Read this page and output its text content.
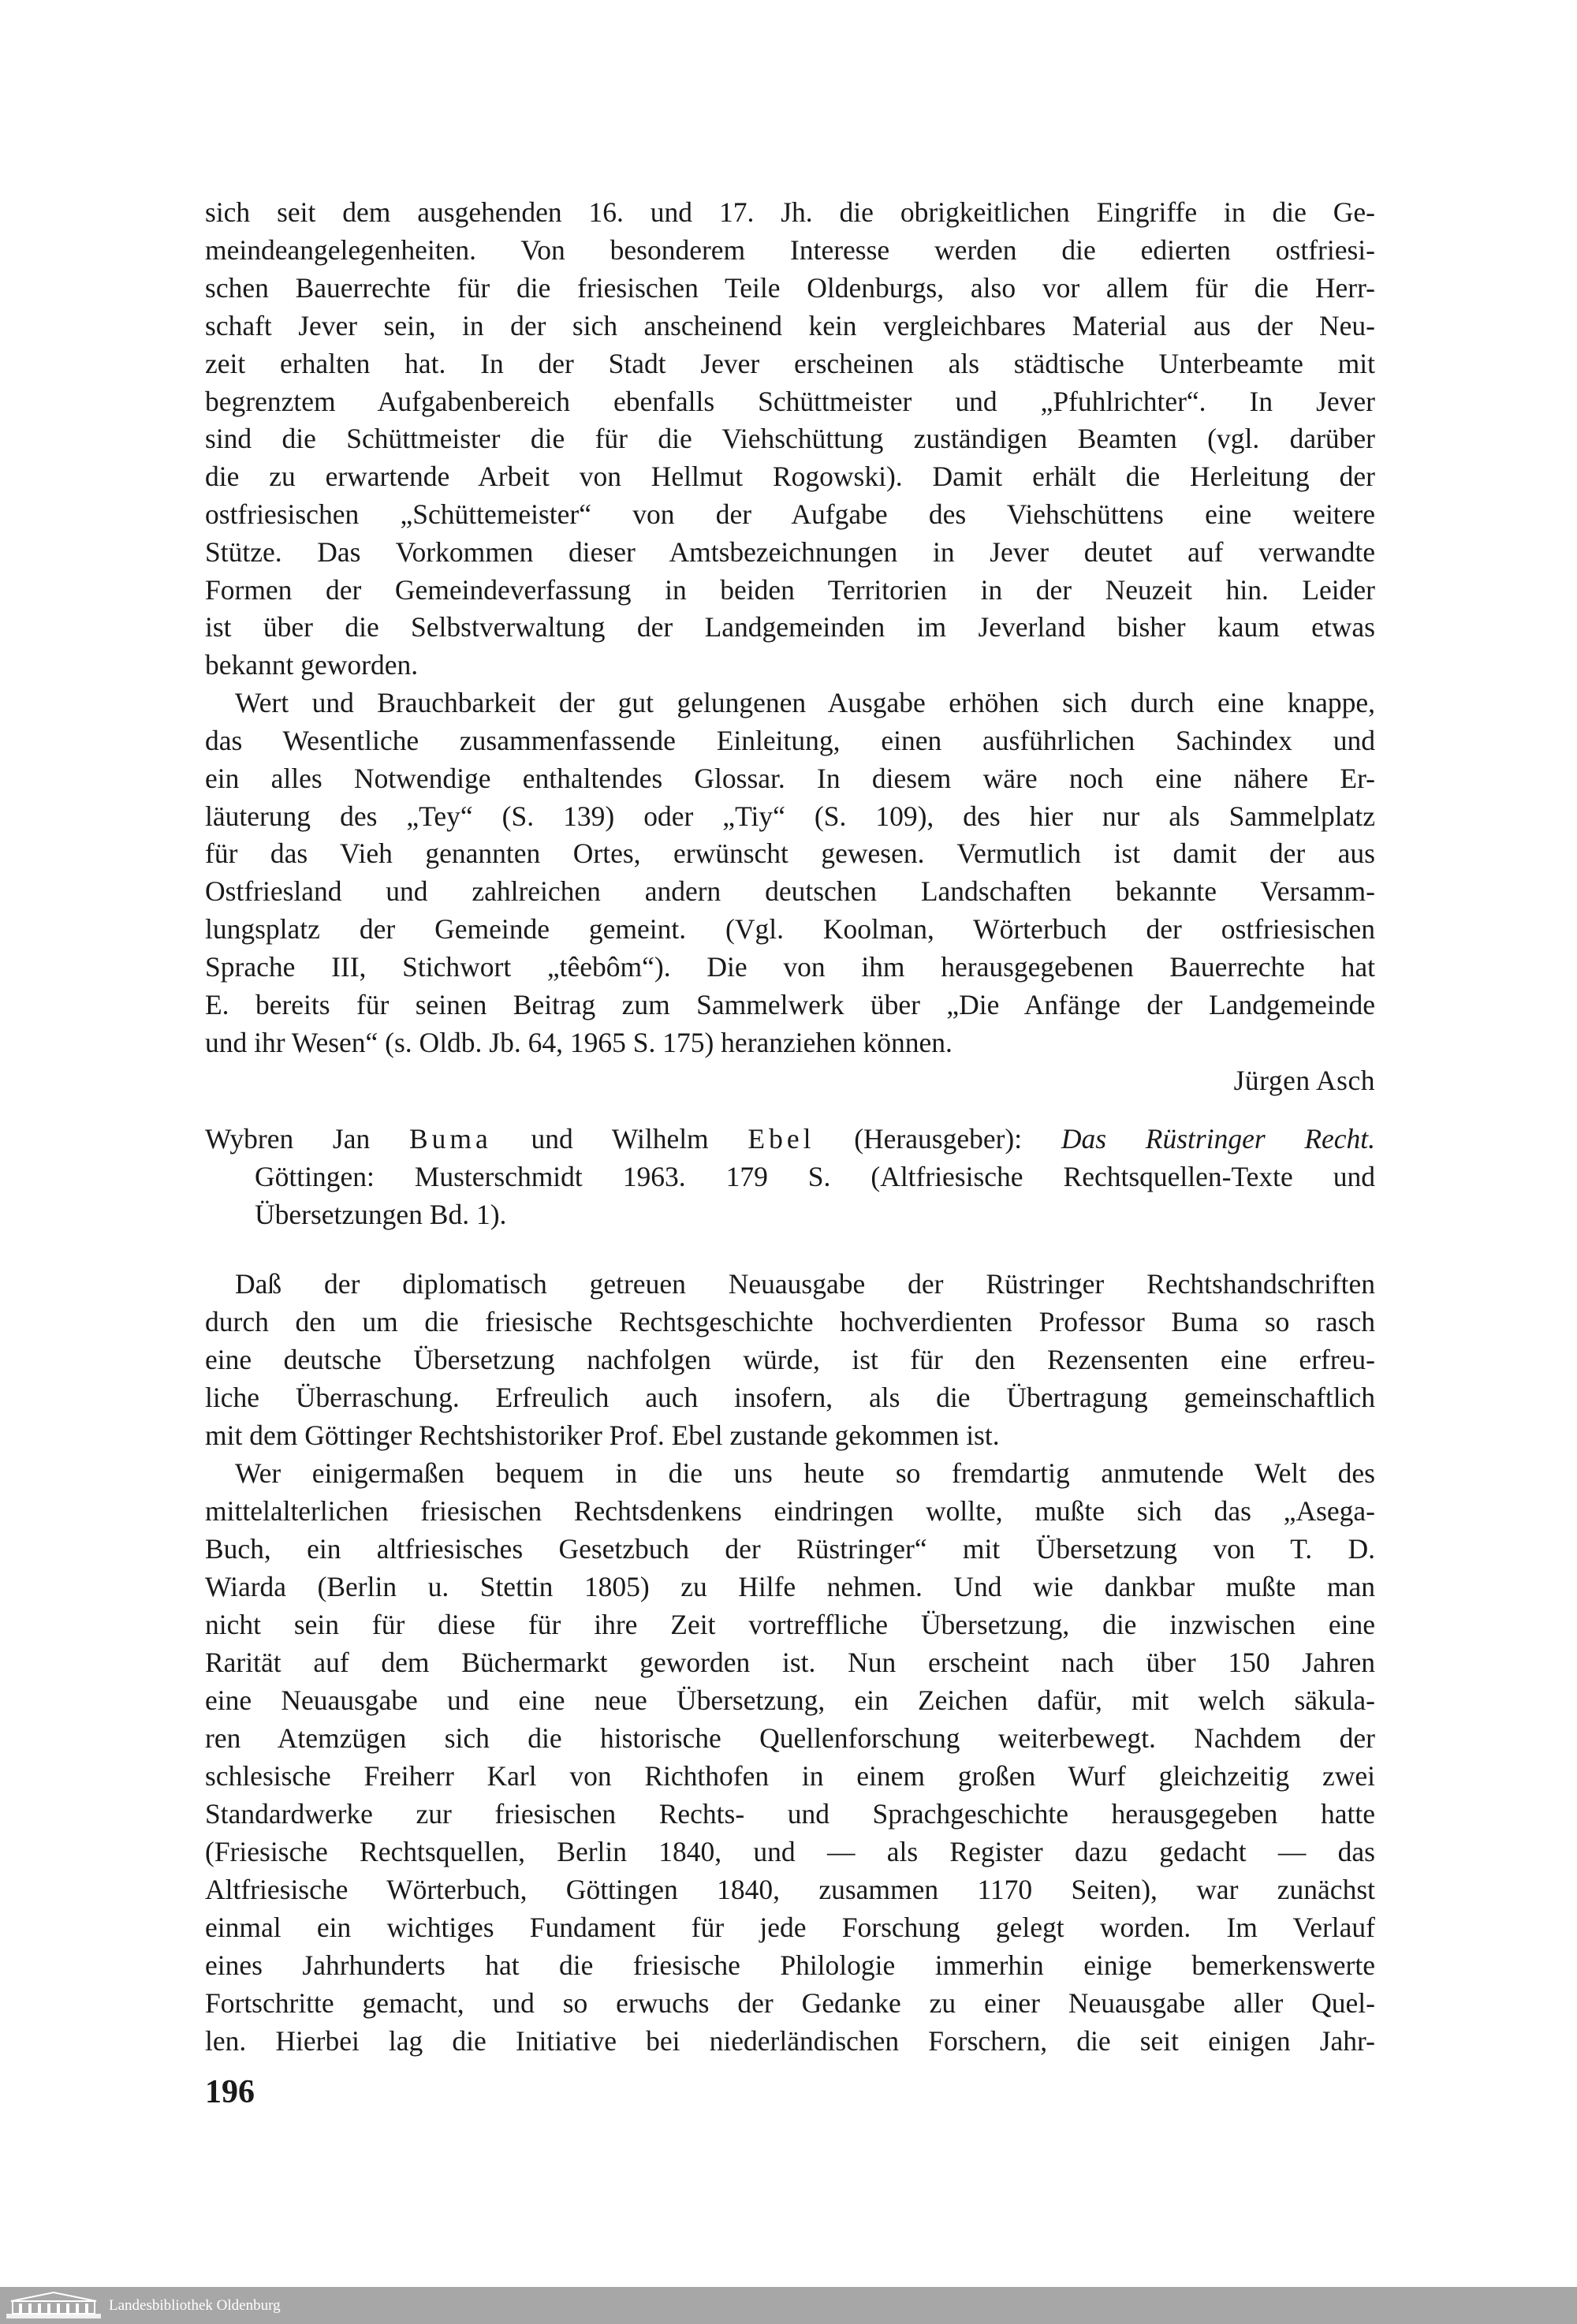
sich seit dem ausgehenden 16. und 17. Jh. die obrigkeitlichen Eingriffe in die Ge-
meindeangelegenheiten. Von besonderem Interesse werden die edierten ostfriesi-
schen Bauerrechte für die friesischen Teile Oldenburgs, also vor allem für die Herr-
schaft Jever sein, in der sich anscheinend kein vergleichbares Material aus der Neu-
zeit erhalten hat. In der Stadt Jever erscheinen als städtische Unterbeamte mit
begrenztem Aufgabenbereich ebenfalls Schüttmeister und „Pfuhlrichter“. In Jever
sind die Schüttmeister die für die Viehschüttung zuständigen Beamten (vgl. darüber
die zu erwartende Arbeit von Hellmut Rogowski). Damit erhält die Herleitung der
ostfriesischen „Schüttemeister“ von der Aufgabe des Viehschüttens eine weitere
Stütze. Das Vorkommen dieser Amtsbezeichnungen in Jever deutet auf verwandte
Formen der Gemeindeverfassung in beiden Territorien in der Neuzeit hin. Leider
ist über die Selbstverwaltung der Landgemeinden im Jeverland bisher kaum etwas
bekannt geworden.
Wert und Brauchbarkeit der gut gelungenen Ausgabe erhöhen sich durch eine knappe,
das Wesentliche zusammenfassende Einleitung, einen ausführlichen Sachindex und
ein alles Notwendige enthaltendes Glossar. In diesem wäre noch eine nähere Er-
läuterung des „Tey“ (S. 139) oder „Tiy“ (S. 109), des hier nur als Sammelplatz
für das Vieh genannten Ortes, erwünscht gewesen. Vermutlich ist damit der aus
Ostfriesland und zahlreichen andern deutschen Landschaften bekannte Versamm-
lungsplatz der Gemeinde gemeint. (Vgl. Koolman, Wörterbuch der ostfriesischen
Sprache III, Stichwort „têebôm“). Die von ihm herausgegebenen Bauerrechte hat
E. bereits für seinen Beitrag zum Sammelwerk über „Die Anfänge der Landgemeinde
und ihr Wesen“ (s. Oldb. Jb. 64, 1965 S. 175) heranziehen können.
Jürgen Asch
Wybren Jan Buma und Wilhelm Ebel (Herausgeber): Das Rüstringer Recht.
Göttingen: Musterschmidt 1963. 179 S. (Altfriesische Rechtsquellen-Texte und
Übersetzungen Bd. 1).
Daß der diplomatisch getreuen Neuausgabe der Rüstringer Rechtshandschriften
durch den um die friesische Rechtsgeschichte hochverdienten Professor Buma so rasch
eine deutsche Übersetzung nachfolgen würde, ist für den Rezensenten eine erfreu-
liche Überraschung. Erfreulich auch insofern, als die Übertragung gemeinschaftlich
mit dem Göttinger Rechtshistoriker Prof. Ebel zustande gekommen ist.
Wer einigermaßen bequem in die uns heute so fremdartig anmutende Welt des
mittelalterlichen friesischen Rechtsdenkens eindringen wollte, mußte sich das „Asega-
Buch, ein altfriesisches Gesetzbuch der Rüstringer“ mit Übersetzung von T. D.
Wiarda (Berlin u. Stettin 1805) zu Hilfe nehmen. Und wie dankbar mußte man
nicht sein für diese für ihre Zeit vortreffliche Übersetzung, die inzwischen eine
Rarität auf dem Büchermarkt geworden ist. Nun erscheint nach über 150 Jahren
eine Neuausgabe und eine neue Übersetzung, ein Zeichen dafür, mit welch säkula-
ren Atemzügen sich die historische Quellenforschung weiterbewegt. Nachdem der
schlesische Freiherr Karl von Richthofen in einem großen Wurf gleichzeitig zwei
Standardwerke zur friesischen Rechts- und Sprachgeschichte herausgegeben hatte
(Friesische Rechtsquellen, Berlin 1840, und — als Register dazu gedacht — das
Altfriesische Wörterbuch, Göttingen 1840, zusammen 1170 Seiten), war zunächst
einmal ein wichtiges Fundament für jede Forschung gelegt worden. Im Verlauf
eines Jahrhunderts hat die friesische Philologie immerhin einige bemerkenswerte
Fortschritte gemacht, und so erwuchs der Gedanke zu einer Neuausgabe aller Quel-
len. Hierbei lag die Initiative bei niederländischen Forschern, die seit einigen Jahr-
196
Landesbibliothek Oldenburg
